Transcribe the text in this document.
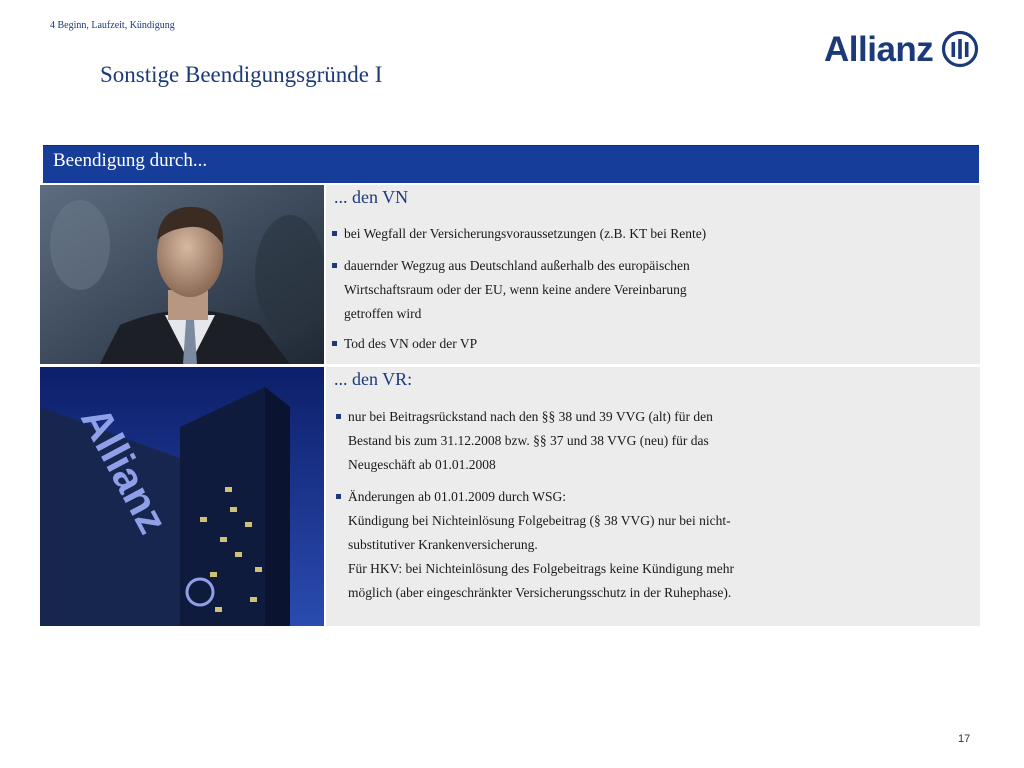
4 Beginn, Laufzeit, Kündigung
Sonstige Beendigungsgründe I
Allianz
Beendigung durch...
... den VN
bei Wegfall der Versicherungsvoraussetzungen (z.B. KT bei Rente)
dauernder Wegzug aus Deutschland außerhalb des europäischen
Wirtschaftsraum oder der EU, wenn keine andere Vereinbarung
getroffen wird
Tod des VN oder der VP
Allianz
... den VR:
nur bei Beitragsrückstand nach den §§ 38 und 39 VVG (alt) für den
Bestand bis zum 31.12.2008 bzw. §§ 37 und 38 VVG (neu) für das
Neugeschäft ab 01.01.2008
Änderungen ab 01.01.2009 durch WSG:
Kündigung bei Nichteinlösung Folgebeitrag (§ 38 VVG) nur bei nicht-
substitutiver Krankenversicherung.
Für HKV: bei Nichteinlösung des Folgebeitrags keine Kündigung mehr
möglich (aber eingeschränkter Versicherungsschutz in der Ruhephase).
17
